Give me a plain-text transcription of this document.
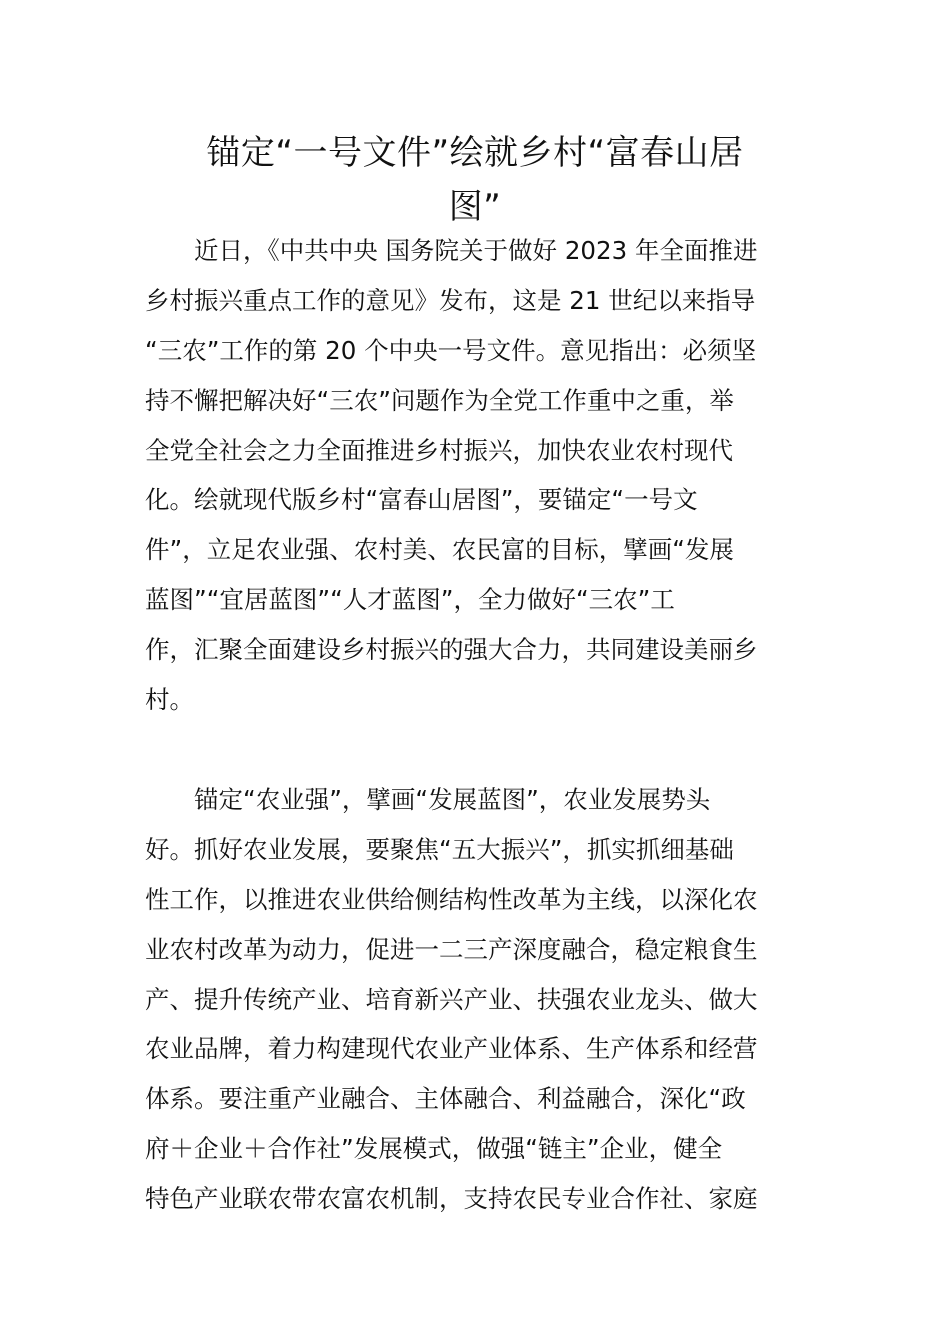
锚定“一号文件”绘就乡村“富春山居
图”
　　近日，《中共中央 国务院关于做好 2023 年全面推进
乡村振兴重点工作的意见》发布，这是 21 世纪以来指导
“三农”工作的第 20 个中央一号文件。意见指出：必须坚
持不懈把解决好“三农”问题作为全党工作重中之重，举
全党全社会之力全面推进乡村振兴，加快农业农村现代
化。绘就现代版乡村“富春山居图”，要锚定“一号文
件”，立足农业强、农村美、农民富的目标，擘画“发展
蓝图”“宜居蓝图”“人才蓝图”，全力做好“三农”工
作，汇聚全面建设乡村振兴的强大合力，共同建设美丽乡
村。
　　锚定“农业强”，擘画“发展蓝图”，农业发展势头
好。抓好农业发展，要聚焦“五大振兴”，抓实抓细基础
性工作，以推进农业供给侧结构性改革为主线，以深化农
业农村改革为动力，促进一二三产深度融合，稳定粮食生
产、提升传统产业、培育新兴产业、扶强农业龙头、做大
农业品牌，着力构建现代农业产业体系、生产体系和经营
体系。要注重产业融合、主体融合、利益融合，深化“政
府＋企业＋合作社”发展模式，做强“链主”企业，健全
特色产业联农带农富农机制，支持农民专业合作社、家庭
